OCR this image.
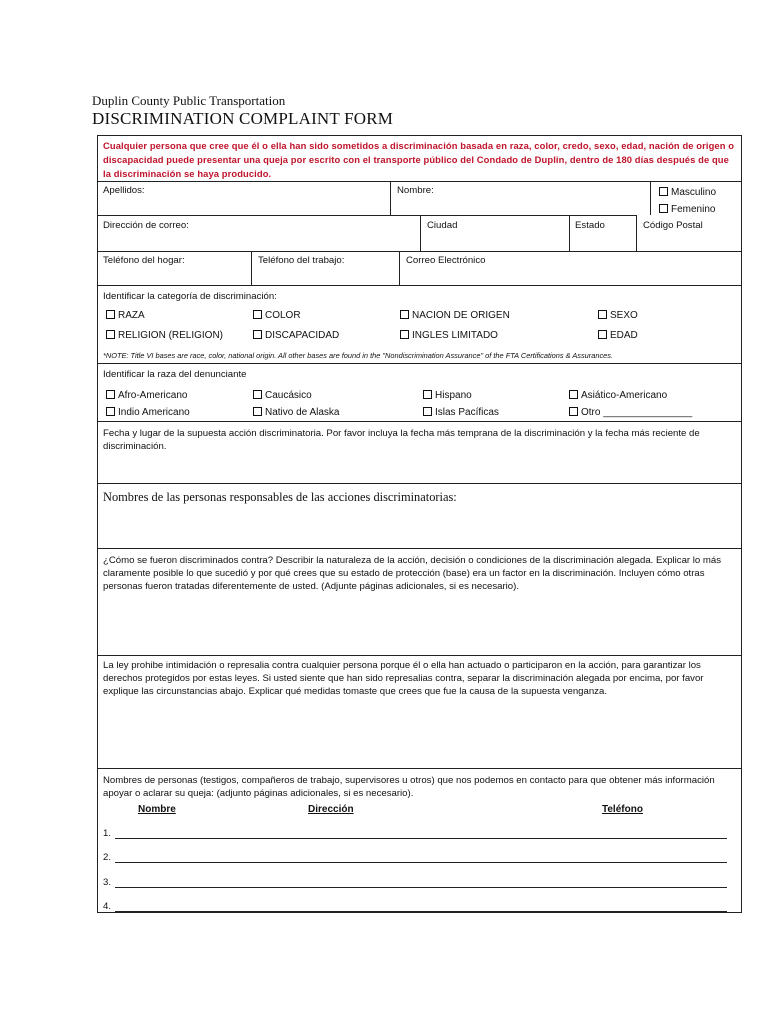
Duplin County Public Transportation
DISCRIMINATION COMPLAINT FORM
Cualquier persona que cree que él o ella han sido sometidos a discriminación basada en raza, color, credo, sexo, edad, nación de origen o discapacidad puede presentar una queja por escrito con el transporte público del Condado de Duplin, dentro de 180 días después de que la discriminación se haya producido.
Apellidos:	Nombre:	Masculino
Femenino
Dirección de correo:	Ciudad	Estado	Código Postal
Teléfono del hogar:	Teléfono del trabajo:	Correo Electrónico
Identificar la categoría de discriminación:
RAZA	COLOR	NACION DE ORIGEN	SEXO
RELIGION (RELIGION)	DISCAPACIDAD	INGLES LIMITADO	EDAD
*NOTE: Title VI bases are race, color, national origin. All other bases are found in the "Nondiscrimination Assurance" of the FTA Certifications & Assurances.
Identificar la raza del denunciante
Afro-Americano	Caucásico	Hispano	Asiático-Americano
Indio Americano	Nativo de Alaska	Islas Pacíficas	Otro ________________
Fecha y lugar de la supuesta acción discriminatoria. Por favor incluya la fecha más temprana de la discriminación y la fecha más reciente de discriminación.
Nombres de las personas responsables de las acciones discriminatorias:
¿Cómo se fueron discriminados contra? Describir la naturaleza de la acción, decisión o condiciones de la discriminación alegada. Explicar lo más claramente posible lo que sucedió y por qué crees que su estado de protección (base) era un factor en la discriminación. Incluyen cómo otras personas fueron tratadas diferentemente de usted. (Adjunte páginas adicionales, si es necesario).
La ley prohibe intimidación o represalia contra cualquier persona porque él o ella han actuado o participaron en la acción, para garantizar los derechos protegidos por estas leyes. Si usted siente que han sido represalias contra, separar la discriminación alegada por encima, por favor explique las circunstancias abajo. Explicar qué medidas tomaste que crees que fue la causa de la supuesta venganza.
Nombres de personas (testigos, compañeros de trabajo, supervisores u otros) que nos podemos en contacto para que obtener más información apoyar o aclarar su queja: (adjunto páginas adicionales, si es necesario).
Nombre	Dirección	Teléfono
1.
2.
3.
4.
